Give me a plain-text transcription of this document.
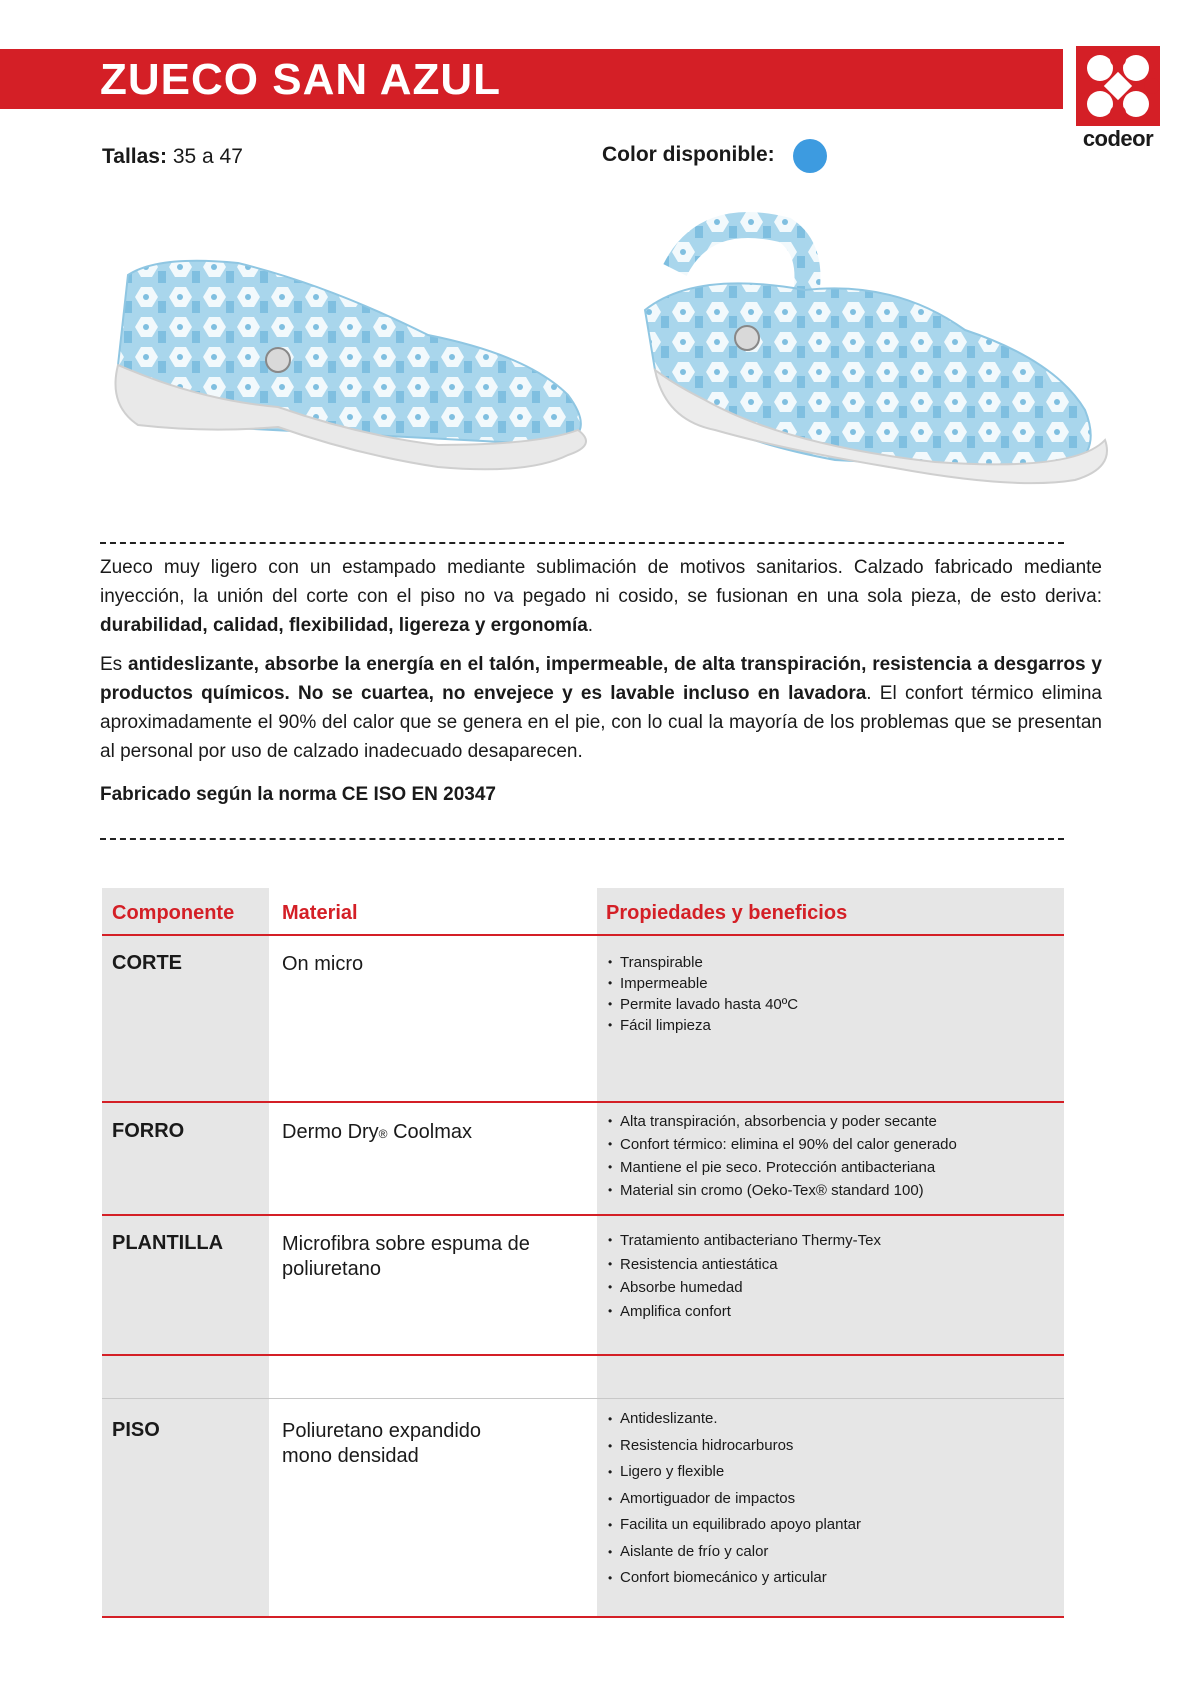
ZUECO SAN AZUL
codeor
Tallas: 35 a 47	Color disponible:
Zueco muy ligero con un estampado mediante sublimación de motivos sanitarios. Calzado fabricado mediante inyección, la unión del corte con el piso no va pegado ni cosido, se fusionan en una sola pieza, de esto deriva: durabilidad, calidad, flexibilidad, ligereza y ergonomía.
Es antideslizante, absorbe la energía en el talón, impermeable, de alta transpiración, resistencia a desgarros y productos químicos. No se cuartea, no envejece y es lavable incluso en lavadora. El confort térmico elimina aproximadamente el 90% del calor que se genera en el pie, con lo cual la mayoría de los problemas que se presentan al personal por uso de calzado inadecuado desaparecen.
Fabricado según la norma CE ISO EN 20347
Componente Material	Propiedades y beneficios
CORTE	On micro	• Transpirable
• Impermeable
• Permite lavado hasta 40ºC
• Fácil limpieza
FORRO	Dermo Dry® Coolmax	• Alta transpiración, absorbencia y poder secante
• Confort térmico: elimina el 90% del calor generado
• Mantiene el pie seco. Protección antibacteriana
• Material sin cromo (Oeko-Tex® standard 100)
PLANTILLA	Microfibra sobre espuma de poliuretano
• Tratamiento antibacteriano Thermy-Tex
• Resistencia antiestática
• Absorbe humedad
• Amplifica confort
PISO	Poliuretano expandido mono densidad
• Antideslizante.
• Resistencia hidrocarburos
• Ligero y flexible
• Amortiguador de impactos
• Facilita un equilibrado apoyo plantar
• Aislante de frío y calor
• Confort biomecánico y articular
